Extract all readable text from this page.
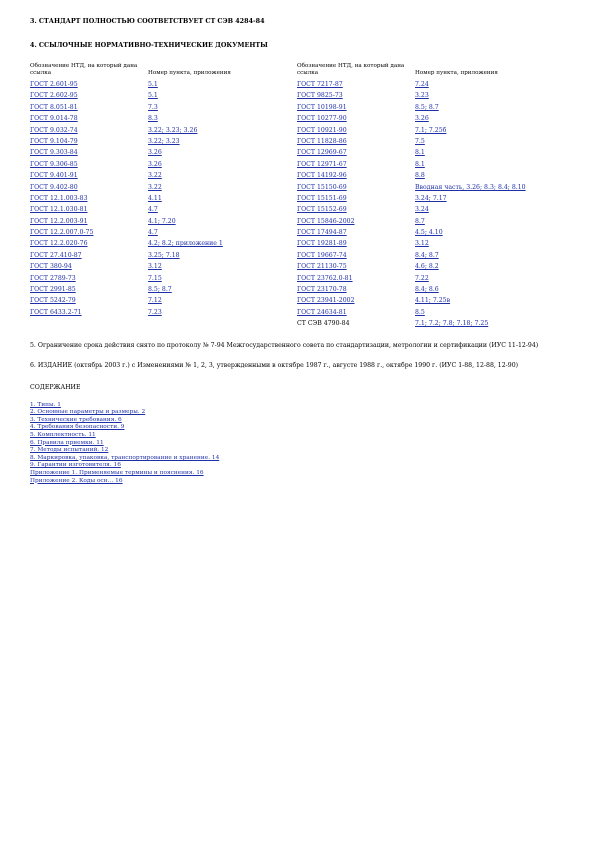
3. СТАНДАРТ ПОЛНОСТЬЮ СООТВЕТСТВУЕТ СТ СЭВ 4284-84
4. ССЫЛОЧНЫЕ НОРМАТИВНО-ТЕХНИЧЕСКИЕ ДОКУМЕНТЫ
Обозначение НТД, на который дана ссылка	Номер пункта, приложения
ГОСТ 2.601-95	5.1
ГОСТ 2.602-95	5.1
ГОСТ 8.051-81	7.3
ГОСТ 9.014-78	8.3
ГОСТ 9.032-74	3.22; 3.23; 3.26
ГОСТ 9.104-79	3.22; 3.23
ГОСТ 9.303-84	3.26
ГОСТ 9.306-85	3.26
ГОСТ 9.401-91	3.22
ГОСТ 9.402-80	3.22
ГОСТ 12.1.003-83	4.11
ГОСТ 12.1.030-81	4.7
ГОСТ 12.2.003-91	4.1; 7.20
ГОСТ 12.2.007.0-75	4.7
ГОСТ 12.2.020-76	4.2; 8.2; приложение 1
ГОСТ 27.410-87	3.25; 7.18
ГОСТ 380-94	3.12
ГОСТ 2789-73	7.15
ГОСТ 2991-85	8.5; 8.7
ГОСТ 5242-79	7.12
ГОСТ 6433.2-71	7.23
Обозначение НТД, на который дана ссылка	Номер пункта, приложения
ГОСТ 7217-87	7.24
ГОСТ 9825-73	3.23
ГОСТ 10198-91	8.5; 8.7
ГОСТ 10277-90	3.26
ГОСТ 10921-90	7.1; 7.25б
ГОСТ 11828-86	7.5
ГОСТ 12969-67	8.1
ГОСТ 12971-67	8.1
ГОСТ 14192-96	8.8
ГОСТ 15150-69	Вводная часть, 3.26; 8.3; 8.4; 8.10
ГОСТ 15151-69	3.24; 7.17
ГОСТ 15152-69	3.24
ГОСТ 15846-2002	8.7
ГОСТ 17494-87	4.5; 4.10
ГОСТ 19281-89	3.12
ГОСТ 19667-74	8.4; 8.7
ГОСТ 21130-75	4.6; 8.2
ГОСТ 23762.0-81	7.22
ГОСТ 23170-78	8.4; 8.6
ГОСТ 23941-2002	4.11; 7.25в
ГОСТ 24634-81	8.5
СТ СЭВ 4790-84	7.1; 7.2; 7.8; 7.18; 7.25
5. Ограничение срока действия снято по протоколу № 7-94 Межгосударственного совета по стандартизации, метрологии и сертификации (ИУС 11-12-94)
6. ИЗДАНИЕ (октябрь 2003 г.) с Изменениями № 1, 2, 3, утвержденными в октябре 1987 г., августе 1988 г., октябре 1990 г. (ИУС 1-88, 12-88, 12-90)
СОДЕРЖАНИЕ
1. Типы. 1
2. Основные параметры и размеры. 2
3. Технические требования. 6
4. Требования безопасности. 9
5. Комплектность. 11
6. Правила приемки. 11
7. Методы испытаний. 12
8. Маркировка, упаковка, транспортирование и хранение. 14
9. Гарантии изготовителя. 16
Приложение 1. Применяемые термины и пояснения. 16
Приложение 2. Коды осн… 16
